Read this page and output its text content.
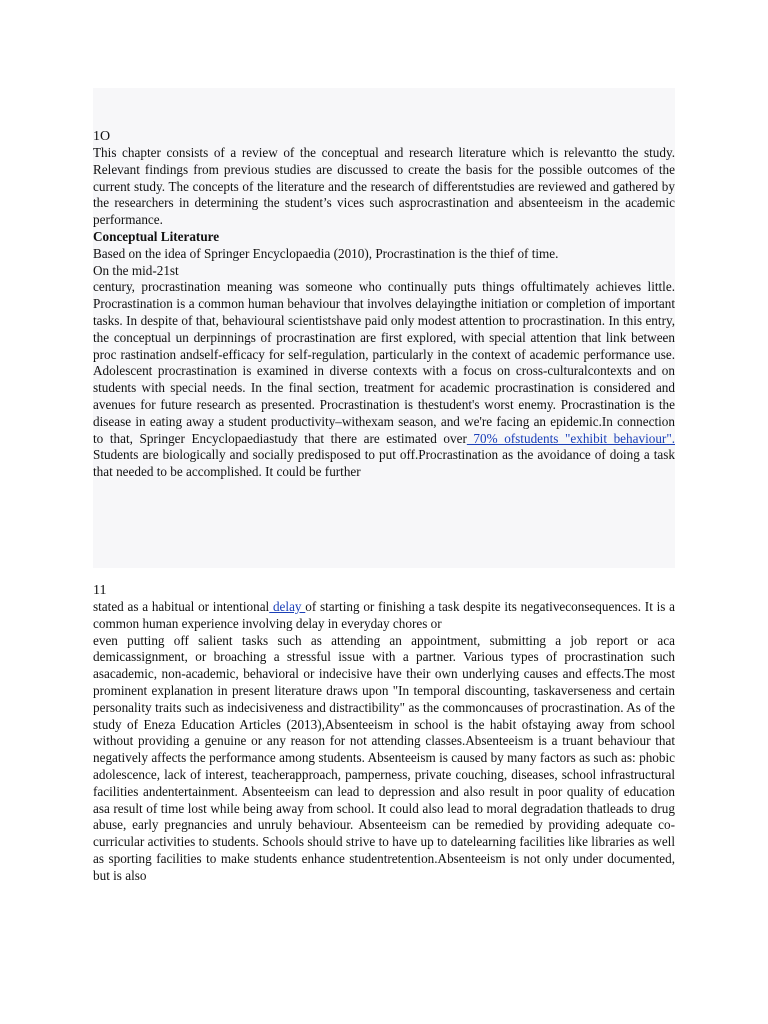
1O

This chapter consists of a review of the conceptual and research literature which is relevantto the study. Relevant findings from previous studies are discussed to create the basis for the possible outcomes of the current study. The concepts of the literature and the research of differentstudies are reviewed and gathered by the researchers in determining the student’s vices such asprocrastination and absenteeism in the academic performance.

Conceptual Literature

Based on the idea of Springer Encyclopaedia (2010), Procrastination is the thief of time.

On the mid-21st

century, procrastination meaning was someone who continually puts things offultimately achieves little. Procrastination is a common human behaviour that involves delayingthe initiation or completion of important tasks. In despite of that, behavioural scientistshave paid only modest attention to procrastination. In this entry, the conceptual un derpinnings of procrastination are first explored, with special attention that link between proc rastination andself-efficacy for self-regulation, particularly in the context of academic performance use. Adolescent procrastination is examined in diverse contexts with a focus on cross-culturalcontexts and on students with special needs. In the final section, treatment for academic procrastination is considered and avenues for future research as presented. Procrastination is thestudent's worst enemy. Procrastination is the disease in eating away a student productivity–withexam season, and we're facing an epidemic.In connection to that, Springer Encyclopaediastudy that there are estimated over 70% ofstudents "exhibit behaviour". Students are biologically and socially predisposed to put off.Procrastination as the avoidance of doing a task that needed to be accomplished. It could be further

11

stated as a habitual or intentional delay of starting or finishing a task despite its negativeconsequences. It is a common human experience involving delay in everyday chores or

even putting off salient tasks such as attending an appointment, submitting a job report or aca demicassignment, or broaching a stressful issue with a partner. Various types of procrastination such asacademic, non-academic, behavioral or indecisive have their own underlying causes and effects.The most prominent explanation in present literature draws upon "In temporal discounting, taskaverseness and certain personality traits such as indecisiveness and distractibility" as the commoncauses of procrastination. As of the study of Eneza Education Articles (2013),Absenteeism in school is the habit ofstaying away from school without providing a genuine or any reason for not attending classes.Absenteeism is a truant behaviour that negatively affects the performance among students. Absenteeism is caused by many factors as such as: phobic adolescence, lack of interest, teacherapproach, pamperness, private couching, diseases, school infrastructural facilities andentertainment. Absenteeism can lead to depression and also result in poor quality of education asa result of time lost while being away from school. It could also lead to moral degradation thatleads to drug abuse, early pregnancies and unruly behaviour. Absenteeism can be remedied by providing adequate co-curricular activities to students. Schools should strive to have up to datelearning facilities like libraries as well as sporting facilities to make students enhance studentretention.Absenteeism is not only under documented, but is also
